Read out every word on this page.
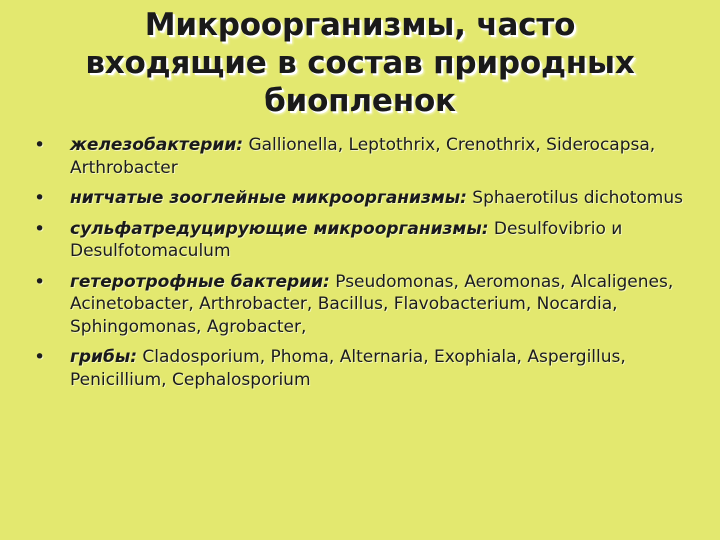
Микроорганизмы, часто
входящие в состав природных
биопленок
• железобактерии: Gallionella, Leptothrix, Crenothrix, Siderocapsa, Arthrobacter
• нитчатые зооглейные микроорганизмы: Sphaerotilus dichotomus
• сульфатредуцирующие микроорганизмы: Desulfovibrio и Desulfotomaculum
• гетеротрофные бактерии: Pseudomonas, Aeromonas, Alcaligenes, Acinetobacter, Arthrobacter, Bacillus, Flavobacterium, Nocardia, Sphingomonas, Agrobacter,
• грибы: Cladosporium, Phoma, Alternaria, Exophiala, Aspergillus, Penicillium, Cephalosporium
